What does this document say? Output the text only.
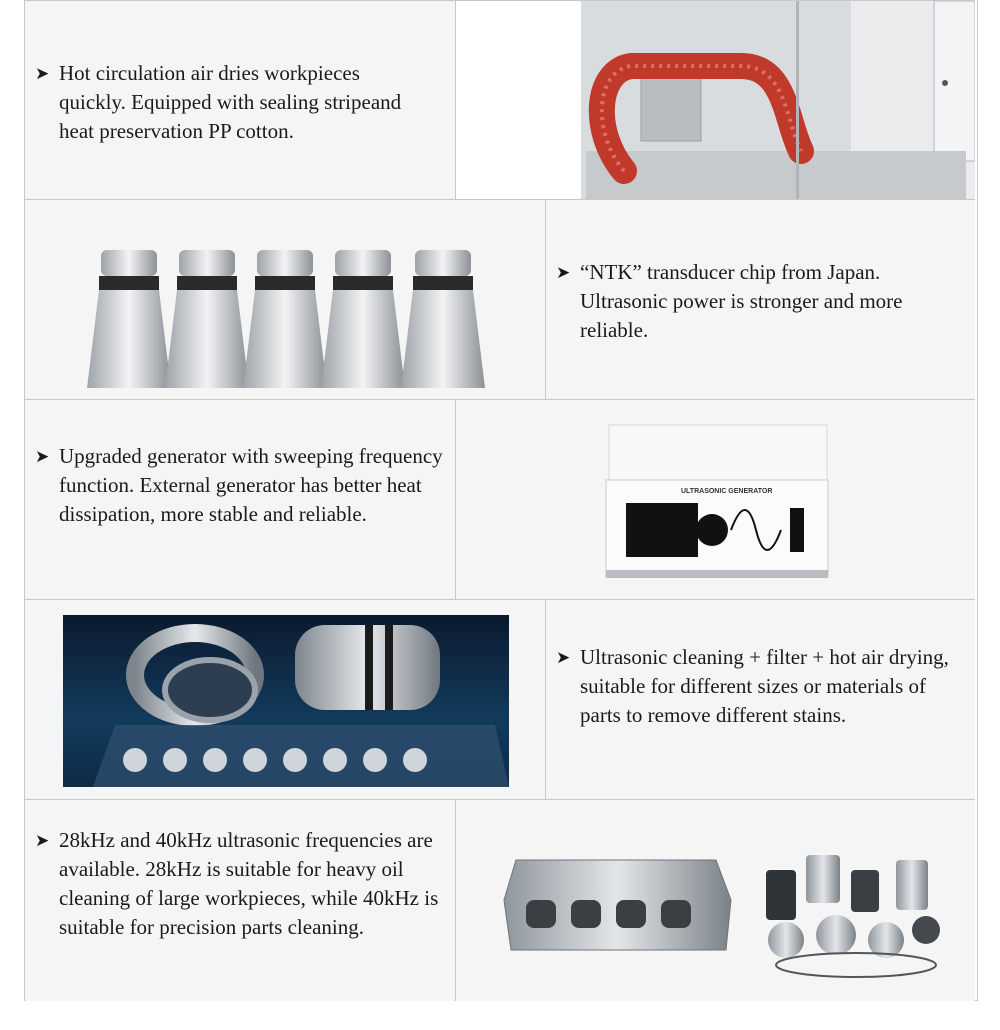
➤ Hot circulation air dries workpieces quickly. Equipped with sealing stripeand heat preservation PP cotton.
➤ “NTK” transducer chip from Japan. Ultrasonic power is stronger and more reliable.
➤ Upgraded generator with sweeping frequency function. External generator has better heat dissipation, more stable and reliable.
ULTRASONIC GENERATOR
➤ Ultrasonic cleaning + filter + hot air drying, suitable for different sizes or materials of parts to remove different stains.
➤ 28kHz and 40kHz ultrasonic frequencies are available. 28kHz is suitable for heavy oil cleaning of large workpieces, while 40kHz is suitable for precision parts cleaning.
